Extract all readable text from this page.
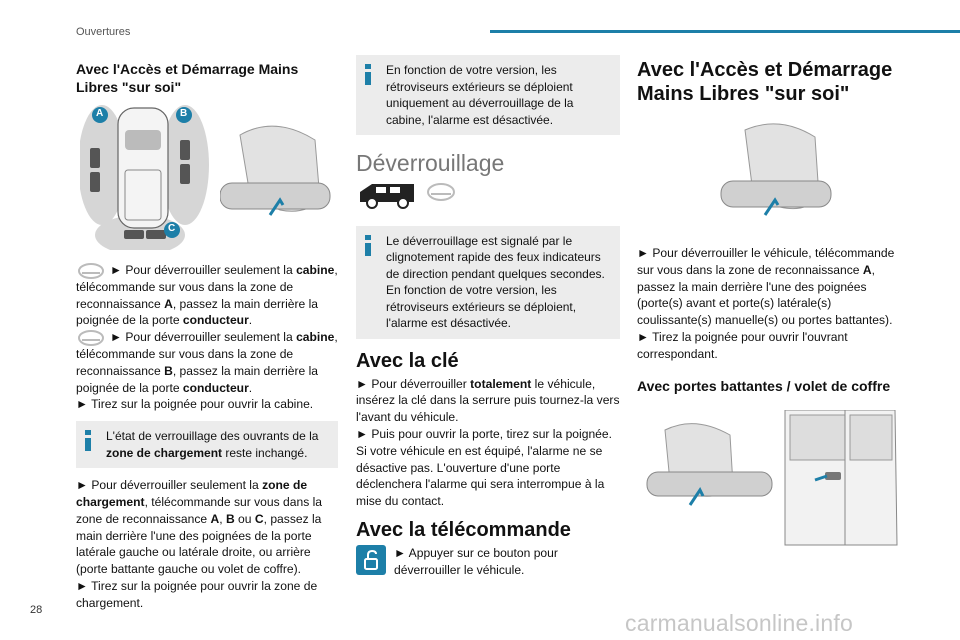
Ouvertures
Avec l'Accès et Démarrage Mains Libres "sur soi"
A	B
C

► Pour déverrouiller seulement la cabine, télécommande sur vous dans la zone de reconnaissance A, passez la main derrière la poignée de la porte conducteur.

► Pour déverrouiller seulement la cabine, télécommande sur vous dans la zone de reconnaissance B, passez la main derrière la poignée de la porte conducteur.

► Tirez sur la poignée pour ouvrir la cabine.

L'état de verrouillage des ouvrants de la zone de chargement reste inchangé.

► Pour déverrouiller seulement la zone de chargement, télécommande sur vous dans la zone de reconnaissance A, B ou C, passez la main derrière l'une des poignées de la porte latérale gauche ou latérale droite, ou arrière (porte battante gauche ou volet de coffre).

► Tirez sur la poignée pour ouvrir la zone de chargement.

En fonction de votre version, les rétroviseurs extérieurs se déploient uniquement au déverrouillage de la cabine, l'alarme est désactivée.
Déverrouillage

Le déverrouillage est signalé par le clignotement rapide des feux indicateurs de direction pendant quelques secondes.

En fonction de votre version, les rétroviseurs extérieurs se déploient, l'alarme est désactivée.

Avec la clé

► Pour déverrouiller totalement le véhicule, insérez la clé dans la serrure puis tournez-la vers l'avant du véhicule.

► Puis pour ouvrir la porte, tirez sur la poignée.

Si votre véhicule en est équipé, l'alarme ne se désactive pas. L'ouverture d'une porte déclenchera l'alarme qui sera interrompue à la mise du contact.

Avec la télécommande

► Appuyer sur ce bouton pour déverrouiller le véhicule.

Avec l'Accès et Démarrage Mains Libres "sur soi"

► Pour déverrouiller le véhicule, télécommande sur vous dans la zone de reconnaissance A, passez la main derrière l'une des poignées (porte(s) avant et porte(s) latérale(s) coulissante(s) manuelle(s) ou portes battantes).

► Tirez la poignée pour ouvrir l'ouvrant correspondant.

Avec portes battantes / volet de coffre
28	carmanualsonline.info
